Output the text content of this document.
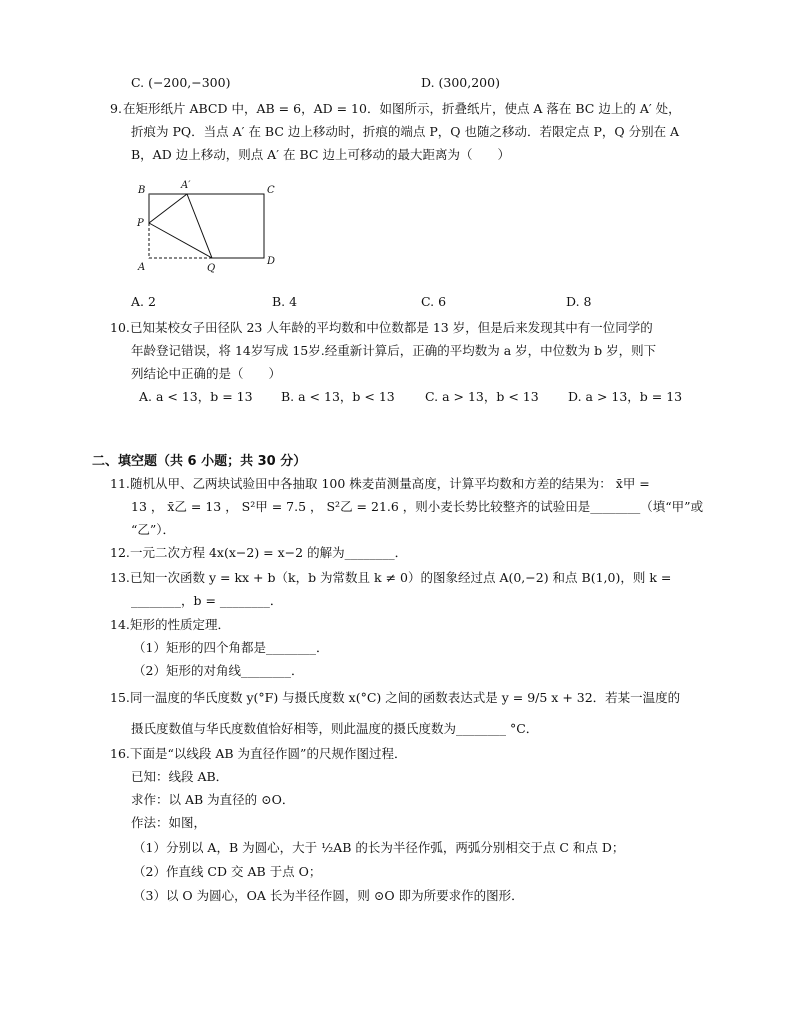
C. (−200,−300)	D. (300,200)
9. 在矩形纸片 ABCD 中，AB = 6，AD = 10．如图所示，折叠纸片，使点 A 落在 BC 边上的 A′ 处，
折痕为 PQ．当点 A′ 在 BC 边上移动时，折痕的端点 P，Q 也随之移动．若限定点 P，Q 分别在 A
B，AD 边上移动，则点 A′ 在 BC 边上可移动的最大距离为（　　）
B	A′	C
P
A	Q
D
A. 2	B. 4	C. 6	D. 8
10. 已知某校女子田径队 23 人年龄的平均数和中位数都是 13 岁，但是后来发现其中有一位同学的
年龄登记错误，将 14岁写成 15岁.经重新计算后，正确的平均数为 a 岁，中位数为 b 岁，则下
列结论中正确的是（　　）
A. a < 13，b = 13 B. a < 13，b < 13 C. a > 13，b < 13 D. a > 13，b = 13
二、填空题（共 6 小题；共 30 分）
11. 随机从甲、乙两块试验田中各抽取 100 株麦苗测量高度，计算平均数和方差的结果为： x̄甲 =
13 ， x̄乙 = 13 ， S²甲 = 7.5 ， S²乙 = 21.6 ，则小麦长势比较整齐的试验田是________（填“甲”或
“乙”）．
12. 一元二次方程 4x(x−2) = x−2 的解为________．
13. 已知一次函数 y = kx + b（k，b 为常数且 k ≠ 0）的图象经过点 A(0,−2) 和点 B(1,0)，则 k =
________，b = ________．
14. 矩形的性质定理．
（1）矩形的四个角都是________．
（2）矩形的对角线________．
15. 同一温度的华氏度数 y(°F) 与摄氏度数 x(°C) 之间的函数表达式是 y = 9/5 x + 32．若某一温度的
摄氏度数值与华氏度数值恰好相等，则此温度的摄氏度数为________ °C．
16. 下面是“以线段 AB 为直径作圆”的尺规作图过程．
已知：线段 AB．
求作：以 AB 为直径的 ⊙O．
作法：如图，
（1）分别以 A，B 为圆心，大于 ½AB 的长为半径作弧，两弧分别相交于点 C 和点 D；
（2）作直线 CD 交 AB 于点 O；
（3）以 O 为圆心，OA 长为半径作圆，则 ⊙O 即为所要求作的图形．
